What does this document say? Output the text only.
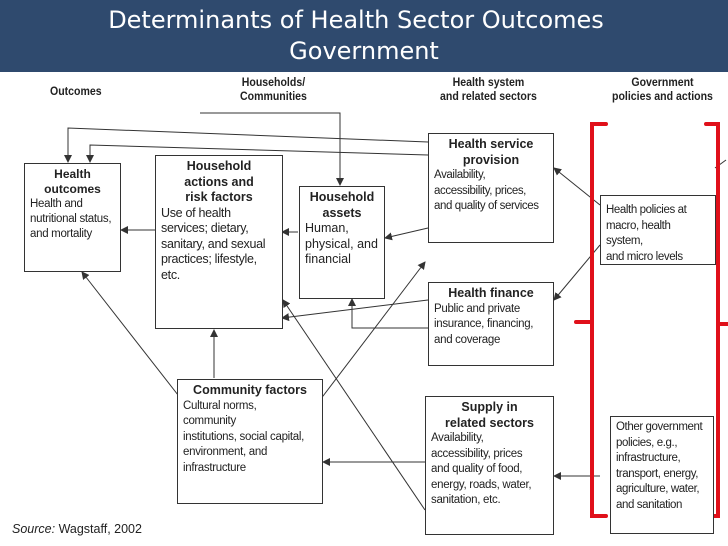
Determinants of Health Sector Outcomes
Government
Outcomes
Households/
Communities
Health system
and related sectors
Government
policies and actions
Health
outcomes
Health and
nutritional status,
and mortality
Household
actions and
risk factors
Use of health
services; dietary,
sanitary, and sexual
practices; lifestyle,
etc.
Household
assets
Human,
physical, and
financial
Health service
provision
Availability,
accessibility, prices,
and quality of services
Health finance
Public and private
insurance, financing,
and coverage
Community factors
Cultural norms,
community
institutions, social capital,
environment, and
infrastructure
Supply in
related sectors
Availability,
accessibility, prices
and quality of food,
energy, roads, water,
sanitation, etc.
Health policies at
macro, health system,
and micro levels
Other government
policies, e.g.,
infrastructure,
transport, energy,
agriculture, water,
and sanitation
Source: Wagstaff, 2002
